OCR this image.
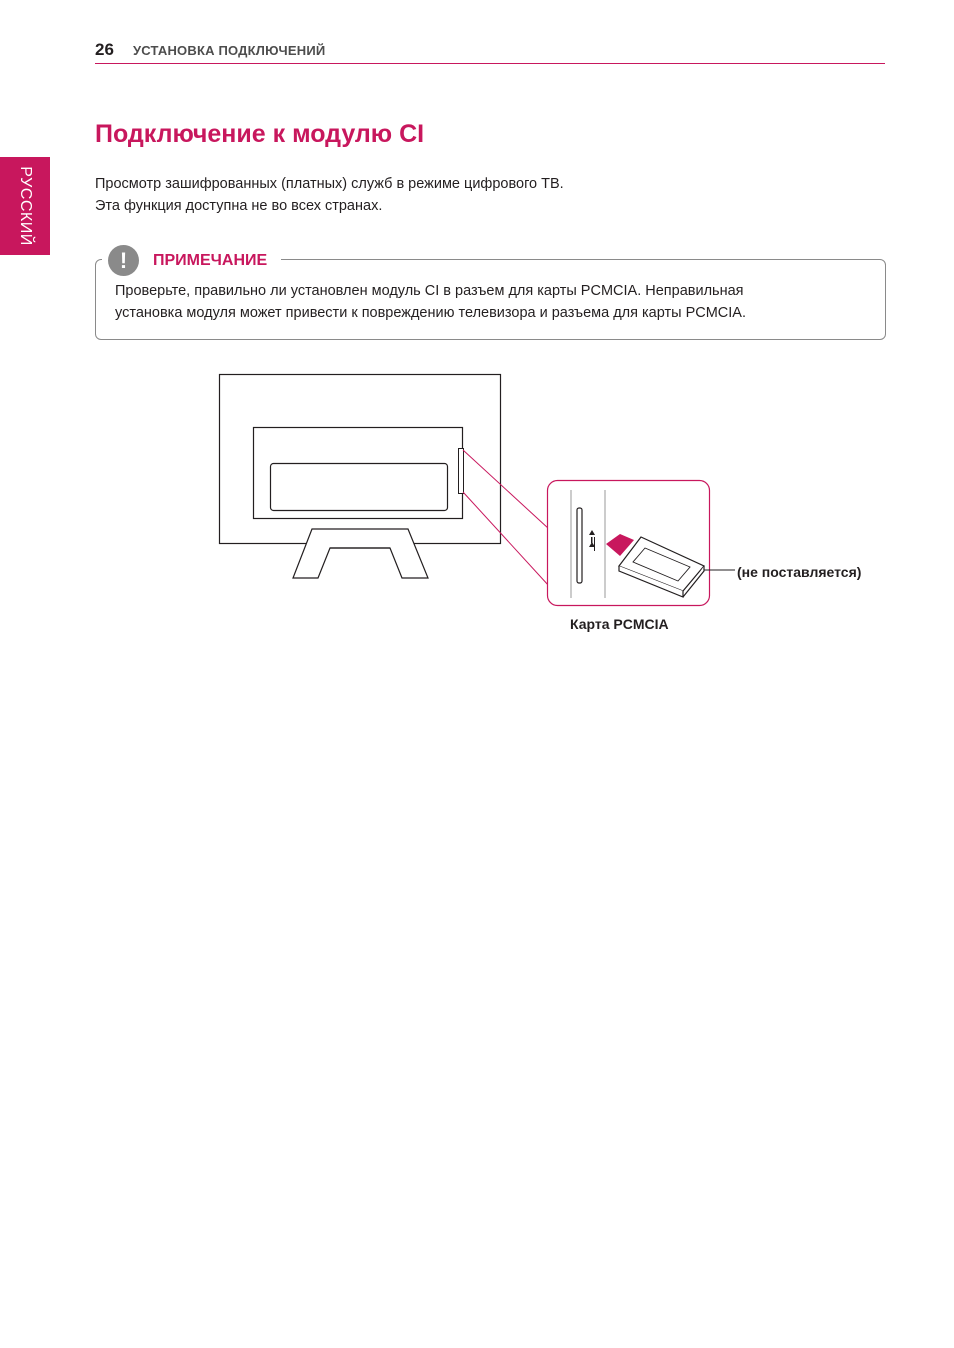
26 УСТАНОВКА ПОДКЛЮЧЕНИЙ
РУССКИЙ
Подключение к модулю CI

Просмотр зашифрованных (платных) служб в режиме цифрового ТВ.
Эта функция доступна не во всех странах.

!	ПРИМЕЧАНИЕ

Проверьте, правильно ли установлен модуль CI в разъем для карты PCMCIA. Неправильная
установка модуля может привести к повреждению телевизора и разъема для карты PCMCIA.

Карта PCMCIA
(не поставляется)
